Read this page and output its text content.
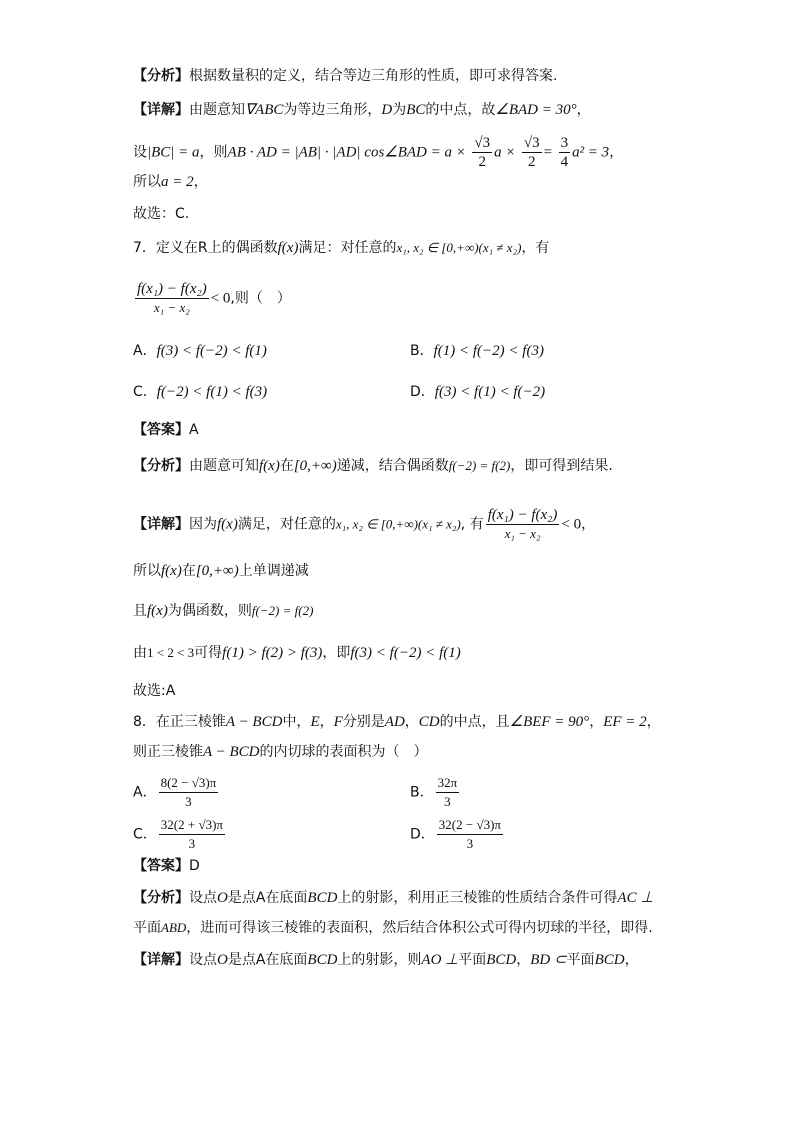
【分析】根据数量积的定义，结合等边三角形的性质，即可求得答案.
【详解】由题意知∇ABC为等边三角形，D为BC的中点，故∠BAD = 30°，
设|BC| = a，则AB · AD = |AB| · |AD| cos∠BAD = $a \times \frac{√3}{2}$ $a \times \frac{√3}{2} = \frac{3}{4} a^2 = 3$，
所以a = 2，
故选：C.
7．定义在R上的偶函数f(x)满足：对任意的x₁, x₂ ∈ [0,+∞)(x₁ ≠ x₂)，有
$\frac{\text{f(x₁) − f(x₂)}}{\text{x₁ − x₂}} < 0$,则（　）
A．f(3) < f(−2) < f(1)	B．f(1) < f(−2) < f(3)
C．f(−2) < f(1) < f(3)	D．f(3) < f(1) < f(−2)
【答案】A
【分析】由题意可知f(x)在[0,+∞)递减，结合偶函数f(−2) = f(2)，即可得到结果.
【详解】因为f(x)满足，对任意的x₁, x₂ ∈ [0,+∞)(x₁ ≠ x₂), 有 $\frac{\text{f(x₁) − f(x₂)}}{\text{x₁ − x₂}} < 0$，
所以f(x)在[0,+∞)上单调递减
且f(x)为偶函数，则f(−2) = f(2)
由1 < 2 < 3可得f(1) > f(2) > f(3)，即f(3) < f(−2) < f(1)
故选:A
8．在正三棱锥A − BCD中，E，F分别是AD，CD的中点，且∠BEF = 90°，EF = 2，
则正三棱锥A − BCD的内切球的表面积为（　）
A． $\frac{8(2 - √3)\pi}{3}$	B． $\frac{32\pi}{3}$
C． $\frac{32(2 + √3)\pi}{3}$	D． $\frac{32(2 - √3)\pi}{3}$
【答案】D
【分析】设点O是点A在底面BCD上的射影，利用正三棱锥的性质结合条件可得AC ⊥
平面ABD，进而可得该三棱锥的表面积，然后结合体积公式可得内切球的半径，即得.
【详解】设点O是点A在底面BCD上的射影，则AO ⊥平面BCD，BD ⊂平面BCD，
